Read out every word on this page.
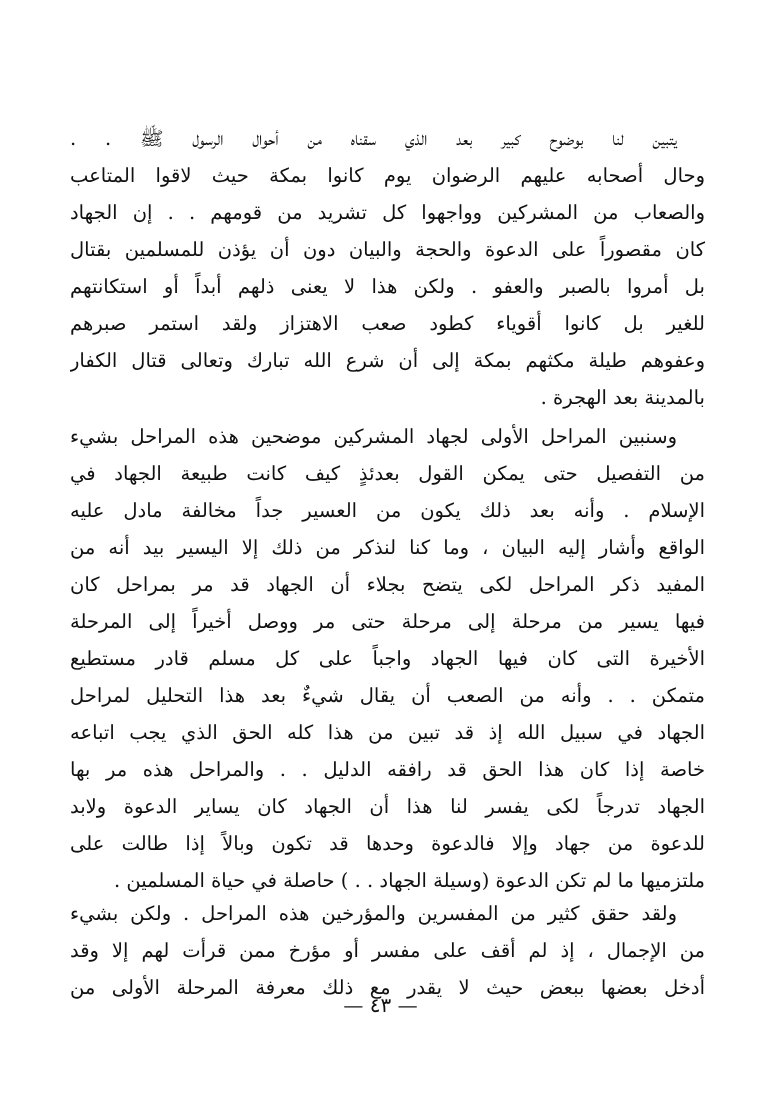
يتبين لنا بوضوح كبير بعد الذي سقناه من أحوال الرسول ﷺ . .
وحال أصحابه عليهم الرضوان يوم كانوا بمكة حيث لاقوا المتاعب
والصعاب من المشركين وواجهوا كل تشريد من قومهم . . إن الجهاد
كان مقصوراً على الدعوة والحجة والبيان دون أن يؤذن للمسلمين بقتال
بل أمروا بالصبر والعفو . ولكن هذا لا يعنى ذلهم أبداً أو استكانتهم
للغير بل كانوا أقوياء كطود صعب الاهتزاز ولقد استمر صبرهم
وعفوهم طيلة مكثهم بمكة إلى أن شرع الله تبارك وتعالى قتال الكفار
بالمدينة بعد الهجرة .
وسنبين المراحل الأولى لجهاد المشركين موضحين هذه المراحل بشيء
من التفصيل حتى يمكن القول بعدئذٍ كيف كانت طبيعة الجهاد في
الإسلام . وأنه بعد ذلك يكون من العسير جداً مخالفة مادل عليه
الواقع وأشار إليه البيان ، وما كنا لنذكر من ذلك إلا اليسير بيد أنه من
المفيد ذكر المراحل لكى يتضح بجلاء أن الجهاد قد مر بمراحل كان
فيها يسير من مرحلة إلى مرحلة حتى مر ووصل أخيراً إلى المرحلة
الأخيرة التى كان فيها الجهاد واجباً على كل مسلم قادر مستطيع
متمكن . . وأنه من الصعب أن يقال شيءٌ بعد هذا التحليل لمراحل
الجهاد في سبيل الله إذ قد تبين من هذا كله الحق الذي يجب اتباعه
خاصة إذا كان هذا الحق قد رافقه الدليل . . والمراحل هذه مر بها
الجهاد تدرجاً لكى يفسر لنا هذا أن الجهاد كان يساير الدعوة ولابد
للدعوة من جهاد وإلا فالدعوة وحدها قد تكون وبالاً إذا طالت على
ملتزميها ما لم تكن الدعوة (وسيلة الجهاد . . ) حاصلة في حياة المسلمين .
ولقد حقق كثير من المفسرين والمؤرخين هذه المراحل . ولكن بشيء
من الإجمال ، إذ لم أقف على مفسر أو مؤرخ ممن قرأت لهم إلا وقد
أدخل بعضها ببعض حيث لا يقدر مع ذلك معرفة المرحلة الأولى من
— ٤٣ —
